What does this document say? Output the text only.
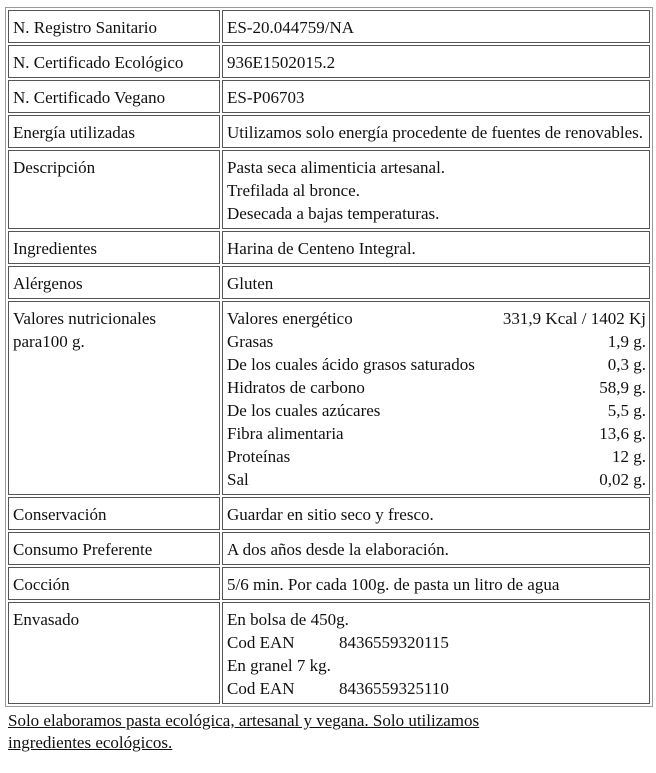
N. Registro Sanitario	ES-20.044759/NA
N. Certificado Ecológico	936E1502015.2
N. Certificado Vegano	ES-P06703
Energía utilizadas	Utilizamos solo energía procedente de fuentes de renovables.
Descripción	Pasta seca alimenticia artesanal.
Trefilada al bronce.
Desecada a bajas temperaturas.

Ingredientes	Harina de Centeno Integral.
Alérgenos	Gluten

Valores nutricionales
para100 g.

Valores energético	331,9 Kcal / 1402 Kj
Grasas	1,9 g.
De los cuales ácido grasos saturados	0,3 g.
Hidratos de carbono	58,9 g.
De los cuales azúcares	5,5 g.
Fibra alimentaria	13,6 g.
Proteínas	12 g.
Sal	0,02 g.

Conservación	Guardar en sitio seco y fresco.
Consumo Preferente	A dos años desde la elaboración.
Cocción	5/6 min. Por cada 100g. de pasta un litro de agua
Envasado	En bolsa de 450g.
Cod EAN	8436559320115
En granel 7 kg.
Cod EAN	8436559325110
Solo elaboramos pasta ecológica, artesanal y vegana. Solo utilizamos
ingredientes ecológicos.
